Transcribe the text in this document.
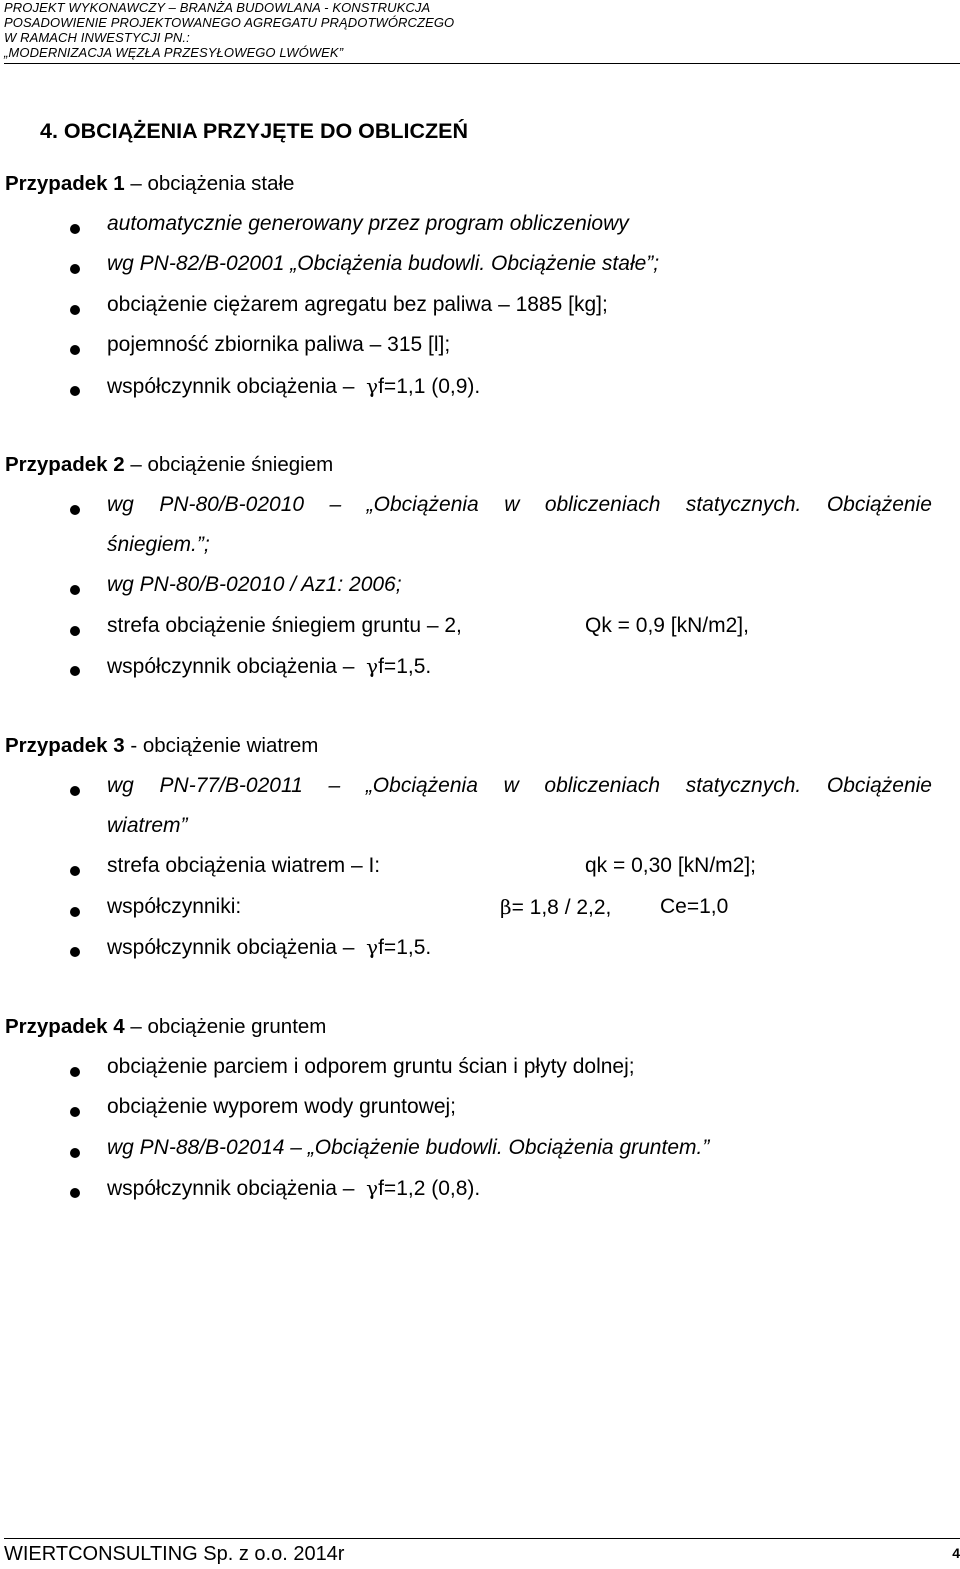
PROJEKT WYKONAWCZY – BRANŻA BUDOWLANA - KONSTRUKCJA
POSADOWIENIE PROJEKTOWANEGO AGREGATU PRĄDOTWÓRCZEGO
W RAMACH INWESTYCJI PN.:
„MODERNIZACJA WĘZŁA PRZESYŁOWEGO LWÓWEK”
4. OBCIĄŻENIA PRZYJĘTE DO OBLICZEŃ
Przypadek 1 – obciążenia stałe
automatycznie generowany przez program obliczeniowy
wg PN-82/B-02001 „Obciążenia budowli. Obciążenie stałe”;
obciążenie ciężarem agregatu bez paliwa – 1885 [kg];
pojemność zbiornika paliwa – 315 [l];
współczynnik obciążenia – γf=1,1 (0,9).
Przypadek 2 – obciążenie śniegiem
wg PN-80/B-02010 – „Obciążenia w obliczeniach statycznych. Obciążenie
śniegiem.”;
wg PN-80/B-02010 / Az1: 2006;
strefa obciążenie śniegiem gruntu – 2,	Qk = 0,9 [kN/m2],
współczynnik obciążenia – γf=1,5.
Przypadek 3 - obciążenie wiatrem
wg PN-77/B-02011 – „Obciążenia w obliczeniach statycznych. Obciążenie
wiatrem”
strefa obciążenia wiatrem – I:	qk = 0,30 [kN/m2];
współczynniki:	β= 1,8 / 2,2, Ce=1,0
współczynnik obciążenia – γf=1,5.
Przypadek 4 – obciążenie gruntem
obciążenie parciem i odporem gruntu ścian i płyty dolnej;
obciążenie wyporem wody gruntowej;
wg PN-88/B-02014 – „Obciążenie budowli. Obciążenia gruntem.”
współczynnik obciążenia – γf=1,2 (0,8).
WIERTCONSULTING Sp. z o.o. 2014r	4
